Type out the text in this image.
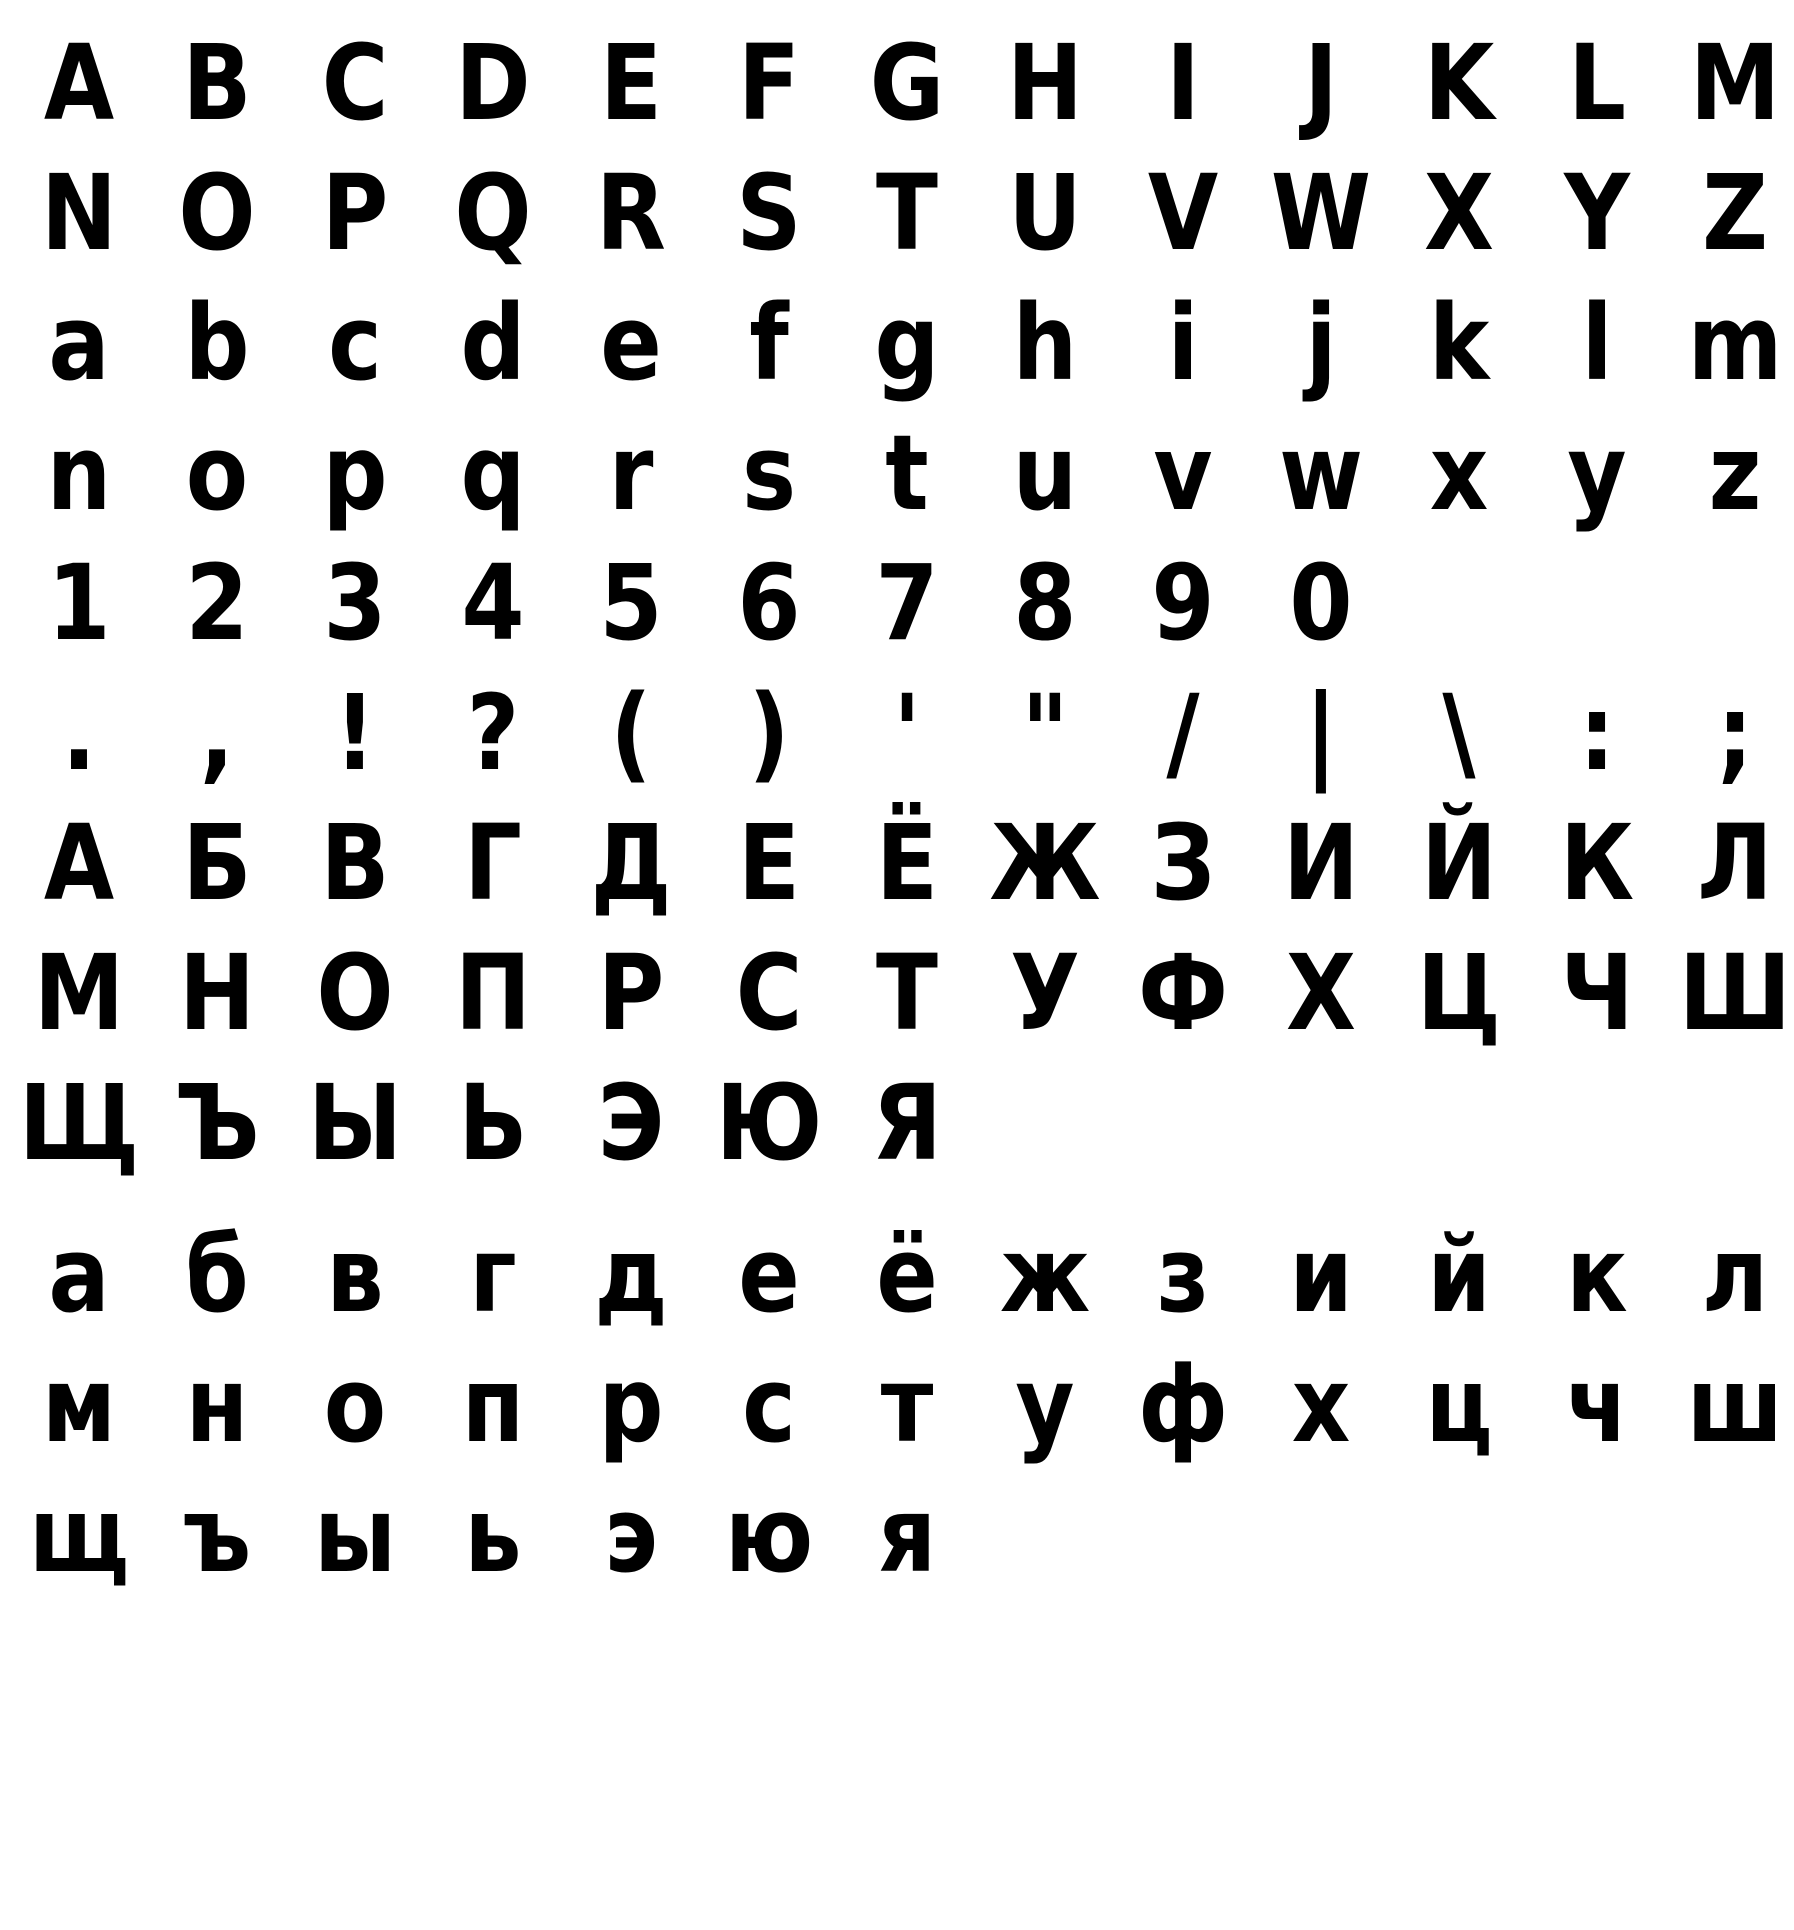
A B C D E F G H I	J K L M
N O P Q R S T U V W X Y Z
a b c d e f g h i	j k l m
n o p q r s t u v w x y z
1 2 3 4 5 6 7 8 9 0
. , ! ? ( ) ' " /	|	\ : ;
А Б В Г Д Е Ё Ж З И Й К Л
М Н О П Р С Т У Ф Х Ц Ч Ш
Щ Ъ Ы Ь Э Ю Я
а б в г д е ё ж з и й к л
м н о п р с т у ф х ц ч ш
щ ъ ы ь э ю я
